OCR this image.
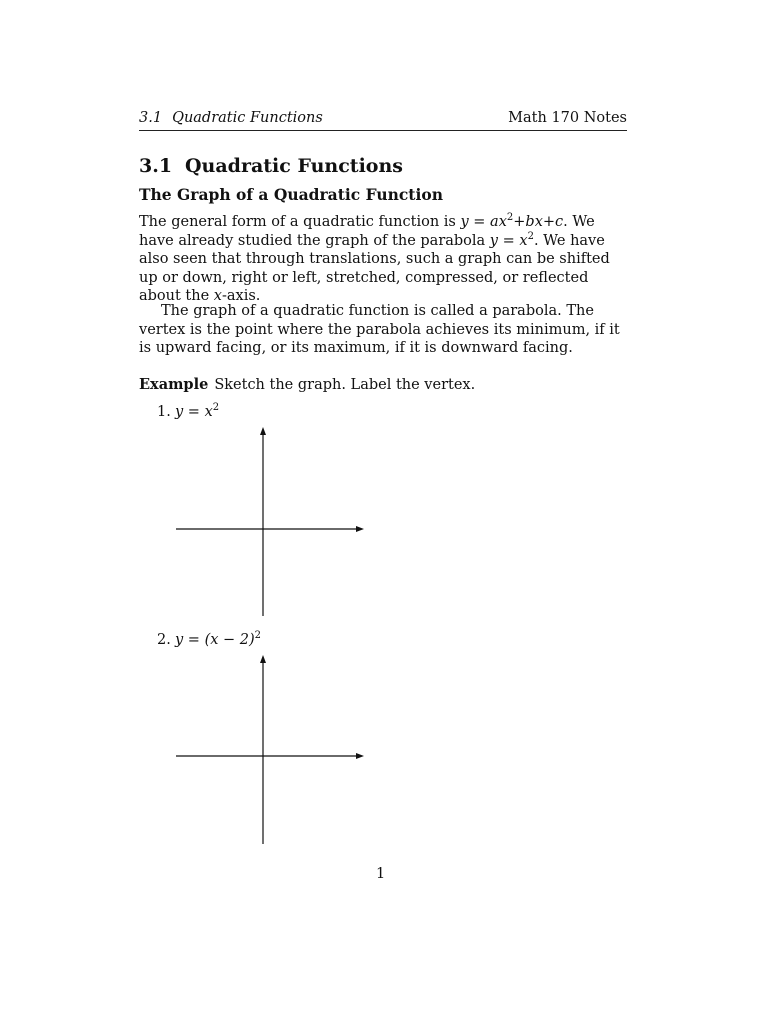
3.1 Quadratic Functions	Math 170 Notes
3.1 Quadratic Functions
The Graph of a Quadratic Function

The general form of a quadratic function is $y = ax^2+bx+c$. We have already studied the graph of the parabola $y = x^2$. We have also seen that through translations, such a graph can be shifted up or down, right or left, stretched, compressed, or reflected about the x-axis.

The graph of a quadratic function is called a parabola. The vertex is the point where the parabola achieves its minimum, if it is upward facing, or its maximum, if it is downward facing.

Example Sketch the graph. Label the vertex.
1. $y = x^2$
2. $y = (x - 2)^2$
1
